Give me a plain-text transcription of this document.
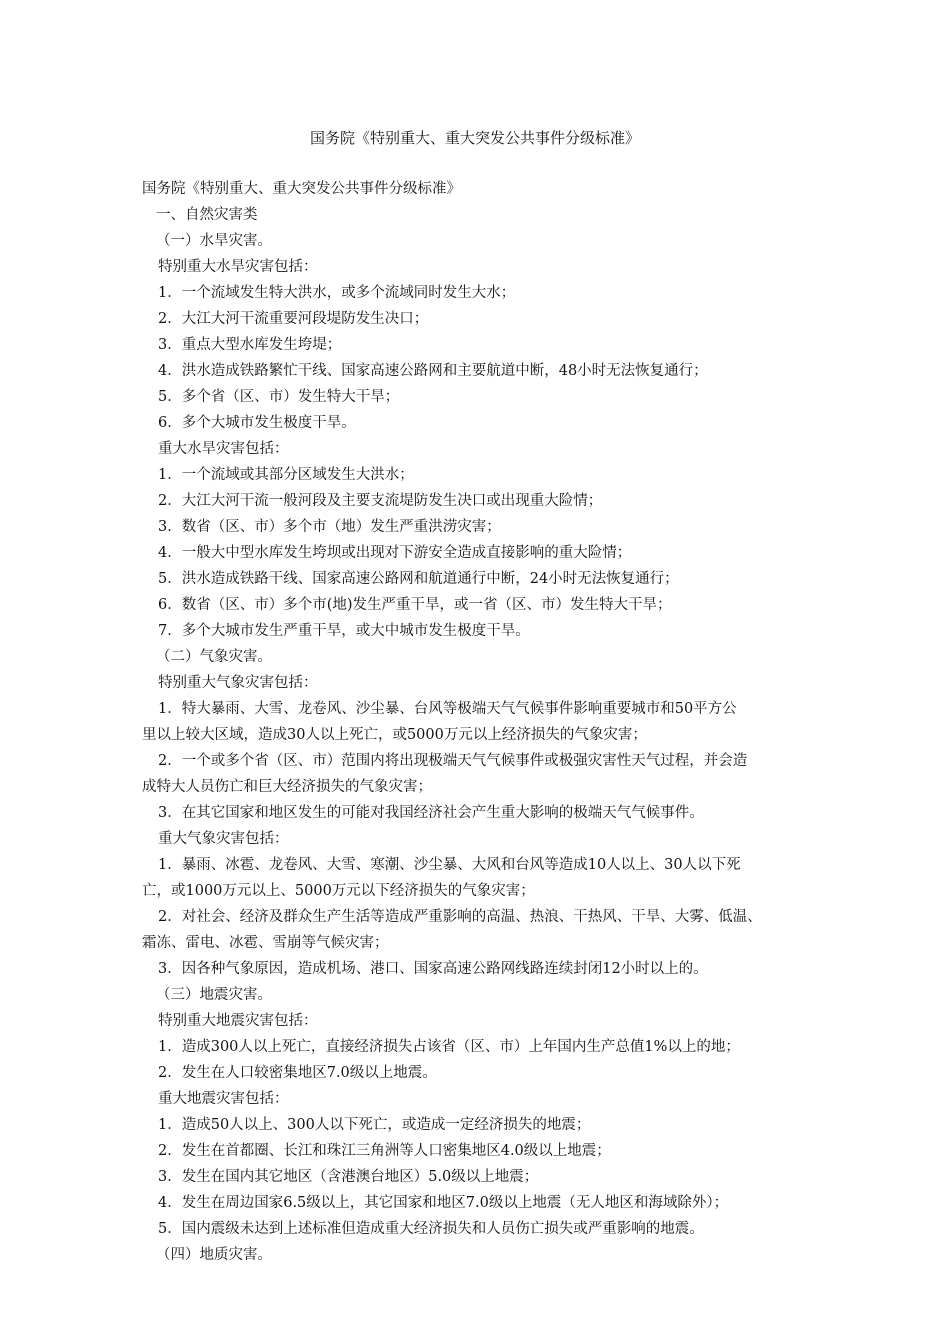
国务院《特别重大、重大突发公共事件分级标准》
国务院《特别重大、重大突发公共事件分级标准》
一、自然灾害类
（一）水旱灾害。
特别重大水旱灾害包括：
1．一个流域发生特大洪水，或多个流域同时发生大水；
2．大江大河干流重要河段堤防发生决口；
3．重点大型水库发生垮堤；
4．洪水造成铁路繁忙干线、国家高速公路网和主要航道中断，48小时无法恢复通行；
5．多个省（区、市）发生特大干旱；
6．多个大城市发生极度干旱。
重大水旱灾害包括：
1．一个流域或其部分区域发生大洪水；
2．大江大河干流一般河段及主要支流堤防发生决口或出现重大险情；
3．数省（区、市）多个市（地）发生严重洪涝灾害；
4．一般大中型水库发生垮坝或出现对下游安全造成直接影响的重大险情；
5．洪水造成铁路干线、国家高速公路网和航道通行中断，24小时无法恢复通行；
6．数省（区、市）多个市(地)发生严重干旱，或一省（区、市）发生特大干旱；
7．多个大城市发生严重干旱，或大中城市发生极度干旱。
（二）气象灾害。
特别重大气象灾害包括：
1．特大暴雨、大雪、龙卷风、沙尘暴、台风等极端天气气候事件影响重要城市和50平方公
里以上较大区域，造成30人以上死亡，或5000万元以上经济损失的气象灾害；
2．一个或多个省（区、市）范围内将出现极端天气气候事件或极强灾害性天气过程，并会造
成特大人员伤亡和巨大经济损失的气象灾害；
3．在其它国家和地区发生的可能对我国经济社会产生重大影响的极端天气气候事件。
重大气象灾害包括：
1．暴雨、冰雹、龙卷风、大雪、寒潮、沙尘暴、大风和台风等造成10人以上、30人以下死
亡，或1000万元以上、5000万元以下经济损失的气象灾害；
2．对社会、经济及群众生产生活等造成严重影响的高温、热浪、干热风、干旱、大雾、低温、
霜冻、雷电、冰雹、雪崩等气候灾害；
3．因各种气象原因，造成机场、港口、国家高速公路网线路连续封闭12小时以上的。
（三）地震灾害。
特别重大地震灾害包括：
1．造成300人以上死亡，直接经济损失占该省（区、市）上年国内生产总值1%以上的地；
2．发生在人口较密集地区7.0级以上地震。
重大地震灾害包括：
1．造成50人以上、300人以下死亡，或造成一定经济损失的地震；
2．发生在首都圈、长江和珠江三角洲等人口密集地区4.0级以上地震；
3．发生在国内其它地区（含港澳台地区）5.0级以上地震；
4．发生在周边国家6.5级以上，其它国家和地区7.0级以上地震（无人地区和海域除外）；
5．国内震级未达到上述标准但造成重大经济损失和人员伤亡损失或严重影响的地震。
（四）地质灾害。
